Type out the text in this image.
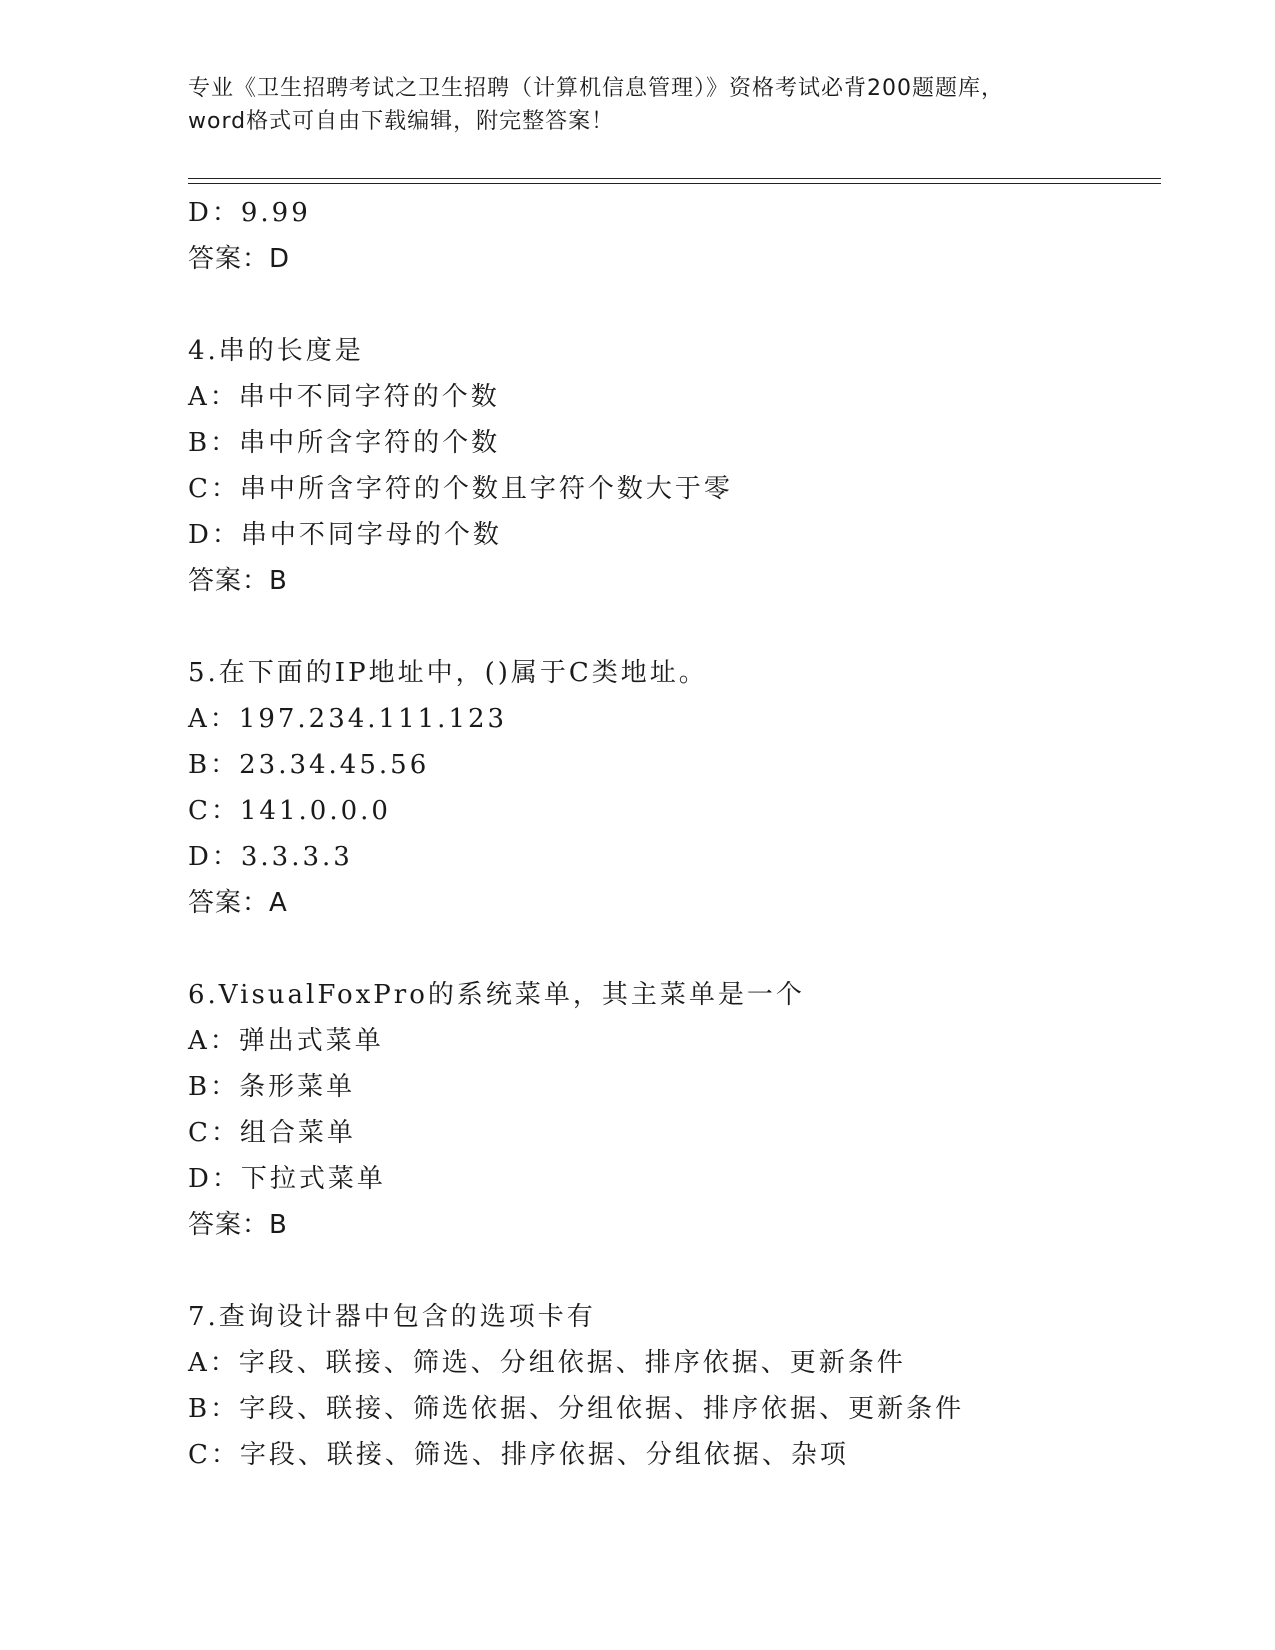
专业《卫生招聘考试之卫生招聘（计算机信息管理）》资格考试必背200题题库，
word格式可自由下载编辑，附完整答案！
D：9.99
答案：D
4.串的长度是
A：串中不同字符的个数
B：串中所含字符的个数
C：串中所含字符的个数且字符个数大于零
D：串中不同字母的个数
答案：B
5.在下面的IP地址中，()属于C类地址。
A：197.234.111.123
B：23.34.45.56
C：141.0.0.0
D：3.3.3.3
答案：A
6.VisualFoxPro的系统菜单，其主菜单是一个
A：弹出式菜单
B：条形菜单
C：组合菜单
D：下拉式菜单
答案：B
7.查询设计器中包含的选项卡有
A：字段、联接、筛选、分组依据、排序依据、更新条件
B：字段、联接、筛选依据、分组依据、排序依据、更新条件
C：字段、联接、筛选、排序依据、分组依据、杂项
